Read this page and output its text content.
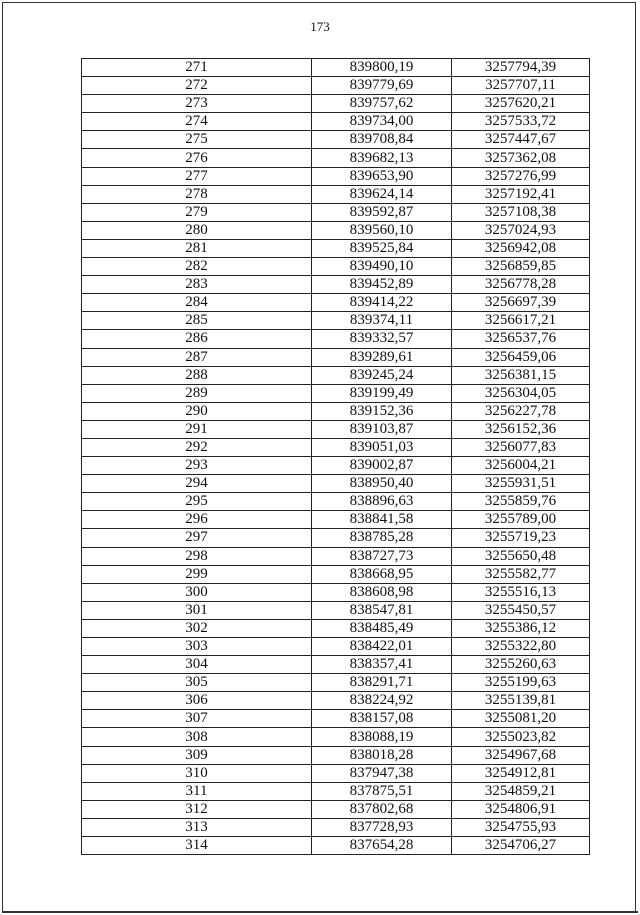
173
271	839800,19	3257794,39
272	839779,69	3257707,11
273	839757,62	3257620,21
274	839734,00	3257533,72
275	839708,84	3257447,67
276	839682,13	3257362,08
277	839653,90	3257276,99
278	839624,14	3257192,41
279	839592,87	3257108,38
280	839560,10	3257024,93
281	839525,84	3256942,08
282	839490,10	3256859,85
283	839452,89	3256778,28
284	839414,22	3256697,39
285	839374,11	3256617,21
286	839332,57	3256537,76
287	839289,61	3256459,06
288	839245,24	3256381,15
289	839199,49	3256304,05
290	839152,36	3256227,78
291	839103,87	3256152,36
292	839051,03	3256077,83
293	839002,87	3256004,21
294	838950,40	3255931,51
295	838896,63	3255859,76
296	838841,58	3255789,00
297	838785,28	3255719,23
298	838727,73	3255650,48
299	838668,95	3255582,77
300	838608,98	3255516,13
301	838547,81	3255450,57
302	838485,49	3255386,12
303	838422,01	3255322,80
304	838357,41	3255260,63
305	838291,71	3255199,63
306	838224,92	3255139,81
307	838157,08	3255081,20
308	838088,19	3255023,82
309	838018,28	3254967,68
310	837947,38	3254912,81
311	837875,51	3254859,21
312	837802,68	3254806,91
313	837728,93	3254755,93
314	837654,28	3254706,27
